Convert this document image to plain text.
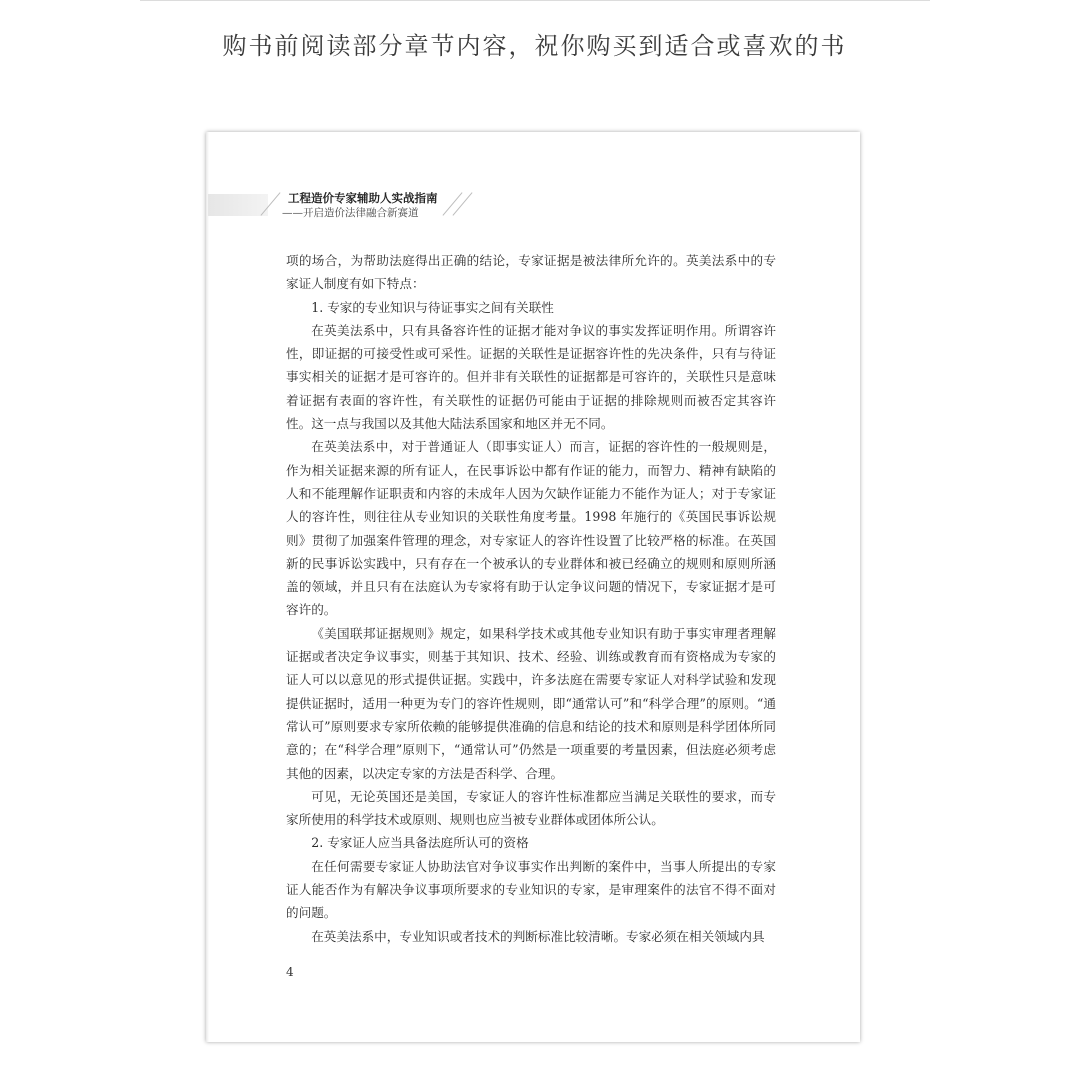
购书前阅读部分章节内容，祝你购买到适合或喜欢的书
工程造价专家辅助人实战指南
——开启造价法律融合新赛道

项的场合，为帮助法庭得出正确的结论，专家证据是被法律所允许的。英美法系中的专家证人制度有如下特点：

1. 专家的专业知识与待证事实之间有关联性

在英美法系中，只有具备容许性的证据才能对争议的事实发挥证明作用。所谓容许性，即证据的可接受性或可采性。证据的关联性是证据容许性的先决条件，只有与待证事实相关的证据才是可容许的。但并非有关联性的证据都是可容许的，关联性只是意味着证据有表面的容许性，有关联性的证据仍可能由于证据的排除规则而被否定其容许性。这一点与我国以及其他大陆法系国家和地区并无不同。

在英美法系中，对于普通证人（即事实证人）而言，证据的容许性的一般规则是，作为相关证据来源的所有证人，在民事诉讼中都有作证的能力，而智力、精神有缺陷的人和不能理解作证职责和内容的未成年人因为欠缺作证能力不能作为证人；对于专家证人的容许性，则往往从专业知识的关联性角度考量。1998 年施行的《英国民事诉讼规则》贯彻了加强案件管理的理念，对专家证人的容许性设置了比较严格的标准。在英国新的民事诉讼实践中，只有存在一个被承认的专业群体和被已经确立的规则和原则所涵盖的领域，并且只有在法庭认为专家将有助于认定争议问题的情况下，专家证据才是可容许的。

《美国联邦证据规则》规定，如果科学技术或其他专业知识有助于事实审理者理解证据或者决定争议事实，则基于其知识、技术、经验、训练或教育而有资格成为专家的证人可以以意见的形式提供证据。实践中，许多法庭在需要专家证人对科学试验和发现提供证据时，适用一种更为专门的容许性规则，即“通常认可”和“科学合理”的原则。“通常认可”原则要求专家所依赖的能够提供准确的信息和结论的技术和原则是科学团体所同意的；在“科学合理”原则下，“通常认可”仍然是一项重要的考量因素，但法庭必须考虑其他的因素，以决定专家的方法是否科学、合理。

可见，无论英国还是美国，专家证人的容许性标准都应当满足关联性的要求，而专家所使用的科学技术或原则、规则也应当被专业群体或团体所公认。

2. 专家证人应当具备法庭所认可的资格

在任何需要专家证人协助法官对争议事实作出判断的案件中，当事人所提出的专家证人能否作为有解决争议事项所要求的专业知识的专家，是审理案件的法官不得不面对的问题。

在英美法系中，专业知识或者技术的判断标准比较清晰。专家必须在相关领域内具

4
